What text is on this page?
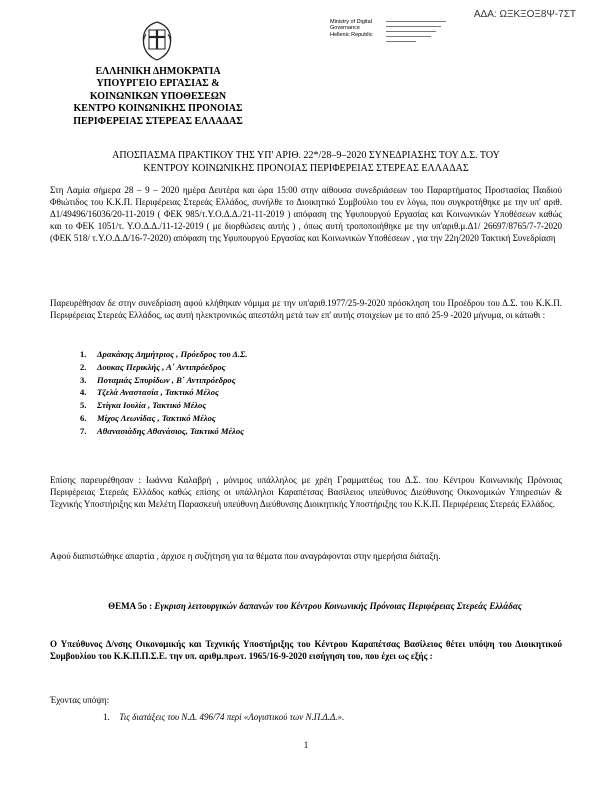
ΑΔΑ: ΩΞΚΞΟΞ8Ψ-7ΣΤ
Ministry of Digital
Governance
Hellenic Republic
ΕΛΛΗΝΙΚΗ ΔΗΜΟΚΡΑΤΙΑ
ΥΠΟΥΡΓΕΙΟ ΕΡΓΑΣΙΑΣ &
ΚΟΙΝΩΝΙΚΩΝ ΥΠΟΘΕΣΕΩΝ
ΚΕΝΤΡΟ ΚΟΙΝΩΝΙΚΗΣ ΠΡΟΝΟΙΑΣ
ΠΕΡΙΦΕΡΕΙΑΣ ΣΤΕΡΕΑΣ ΕΛΛΑΔΑΣ
ΑΠΟΣΠΑΣΜΑ ΠΡΑΚΤΙΚΟΥ ΤΗΣ ΥΠ' ΑΡΙΘ. 22*/28–9–2020 ΣΥΝΕΔΡΙΑΣΗΣ ΤΟΥ Δ.Σ. ΤΟΥ
ΚΕΝΤΡΟΥ ΚΟΙΝΩΝΙΚΗΣ ΠΡΟΝΟΙΑΣ ΠΕΡΙΦΕΡΕΙΑΣ ΣΤΕΡΕΑΣ ΕΛΛΑΔΑΣ
Στη Λαμία σήμερα 28 – 9 – 2020 ημέρα Δευτέρα και ώρα 15:00 στην αίθουσα συνεδριάσεων του Παραρτήματος Προστασίας Παιδιού Φθιώτιδος του Κ.Κ.Π. Περιφέρειας Στερεάς Ελλάδος, συνήλθε το Διοικητικό Συμβούλιο του εν λόγω, που συγκροτήθηκε με την υπ' αριθ. Δ1/49496/16036/20-11-2019 ( ΦΕΚ 985/τ.Υ.Ο.Δ.Δ./21-11-2019 ) απόφαση της Υφυπουργού Εργασίας και Κοινωνικών Υποθέσεων καθώς και το ΦΕΚ 1051/τ. Υ.Ο.Δ.Δ./11-12-2019 ( με διορθώσεις αυτής ) , όπως αυτή τροποποιήθηκε με την υπ'αριθ.μ.Δ1/ 26697/8765/7-7-2020 (ΦΕΚ 518/ τ.Υ.Ο.Δ.Δ/16-7-2020) απόφαση της Υφυπουργού Εργασίας και Κοινωνικών Υποθέσεων , για την 22η/2020 Τακτική Συνεδρίαση
Παρευρέθησαν δε στην συνεδρίαση αφού κλήθηκαν νόμιμα με την υπ'αριθ.1977/25-9-2020 πρόσκληση του Προέδρου του Δ.Σ. του Κ.Κ.Π. Περιφέρειας Στερεάς Ελλάδος, ως αυτή ηλεκτρονικώς απεστάλη μετά των επ' αυτής στοιχείων με το από 25-9 -2020 μήνυμα, οι κάτωθι :
1. Δρακάκης Δημήτριος , Πρόεδρος του Δ.Σ.
2. Δουκας Περικλής , Α΄ Αντιπρόεδρος
3. Ποταμιάς Σπυρίδων , Β΄ Αντιπρόεδρος
4. Τζελά Αναστασία , Τακτικό Μέλος
5. Στίγκα Ιουλία , Τακτικό Μέλος
6. Μίχος Λεωνίδας , Τακτικό Μέλος
7. Αθανασιάδης Αθανάσιος, Τακτικό Μέλος
Επίσης παρευρέθησαν : Ιωάννα Καλαβρή , μόνιμος υπάλληλος με χρέη Γραμματέως του Δ.Σ. του Κέντρου Κοινωνικής Πρόνοιας Περιφέρειας Στερεάς Ελλάδος καθώς επίσης οι υπάλληλοι Καραπέτσας Βασίλειος υπεύθυνος Διεύθυνσης Οικονομικών Υπηρεσιών & Τεχνικής Υποστήριξης και Μελέτη Παρασκευή υπεύθυνη Διεύθυνσης Διοικητικής Υποστήριξης του Κ.Κ.Π. Περιφέρειας Στερεάς Ελλάδος.
Αφού διαπιστώθηκε απαρτία , άρχισε η συζήτηση για τα θέματα που αναγράφονται στην ημερήσια διάταξη.
ΘΕΜΑ 5ο : Εγκριση λειτουργικών δαπανών του Κέντρου Κοινωνικής Πρόνοιας Περιφέρειας Στερεάς Ελλάδας
Ο Υπεύθυνος Δ/νσης Οικονομικής και Τεχνικής Υποστήριξης του Κέντρου Καραπέτσας Βασίλειος θέτει υπόψη του Διοικητικού Συμβουλίου του Κ.Κ.Π.Π.Σ.Ε. την υπ. αριθμ.πρωτ. 1965/16-9-2020 εισήγηση του, που έχει ως εξής :
Έχοντας υπόψη:
1. Τις διατάξεις του Ν.Δ. 496/74 περί «Λογιστικού των Ν.Π.Δ.Δ.».
1
